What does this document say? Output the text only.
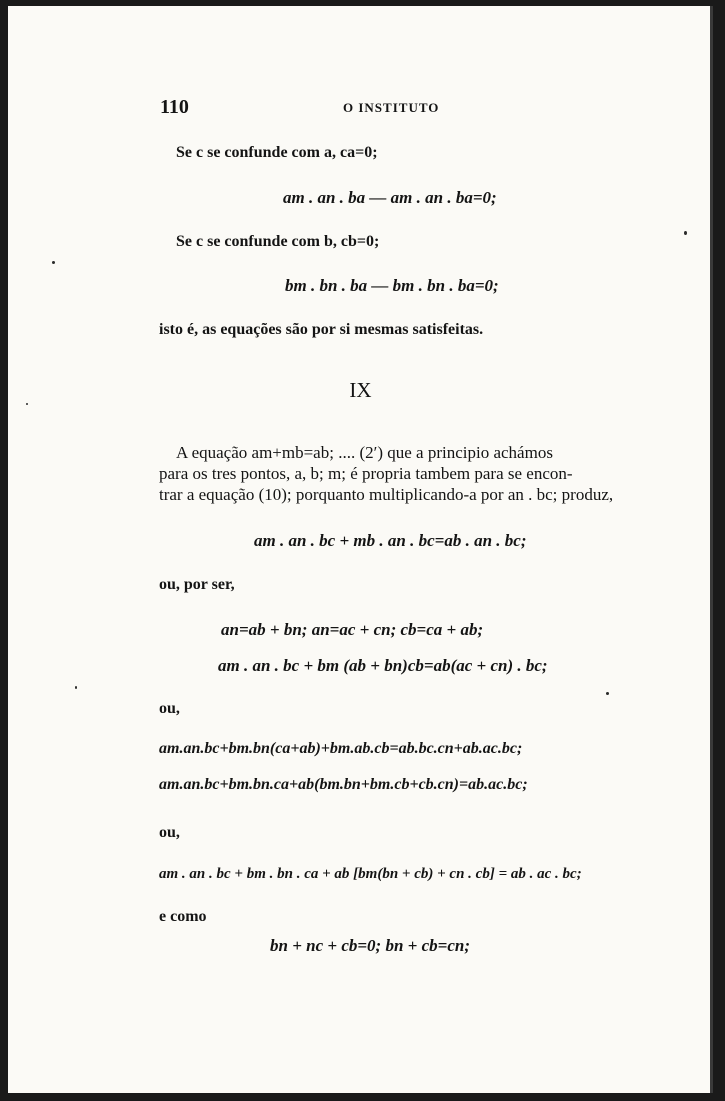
110	O INSTITUTO
Se c se confunde com a, ca=0;
am . an . ba — am . an . ba=0;
Se c se confunde com b, cb=0;
bm . bn . ba — bm . bn . ba=0;
isto é, as equações são por si mesmas satisfeitas.
IX
A equação am+mb=ab; .... (2′) que a principio achámos
para os tres pontos, a, b; m; é propria tambem para se encon-
trar a equação (10); porquanto multiplicando-a por an . bc; produz,
am . an . bc + mb . an . bc=ab . an . bc;
ou, por ser,
an=ab + bn; an=ac + cn; cb=ca + ab;
am . an . bc + bm (ab + bn)cb=ab(ac + cn) . bc;
ou,
am.an.bc+bm.bn(ca+ab)+bm.ab.cb=ab.bc.cn+ab.ac.bc;
am.an.bc+bm.bn.ca+ab(bm.bn+bm.cb+cb.cn)=ab.ac.bc;
ou,
am . an . bc + bm . bn . ca + ab [bm(bn + cb) + cn . cb] = ab . ac . bc;
e como
bn + nc + cb=0; bn + cb=cn;
